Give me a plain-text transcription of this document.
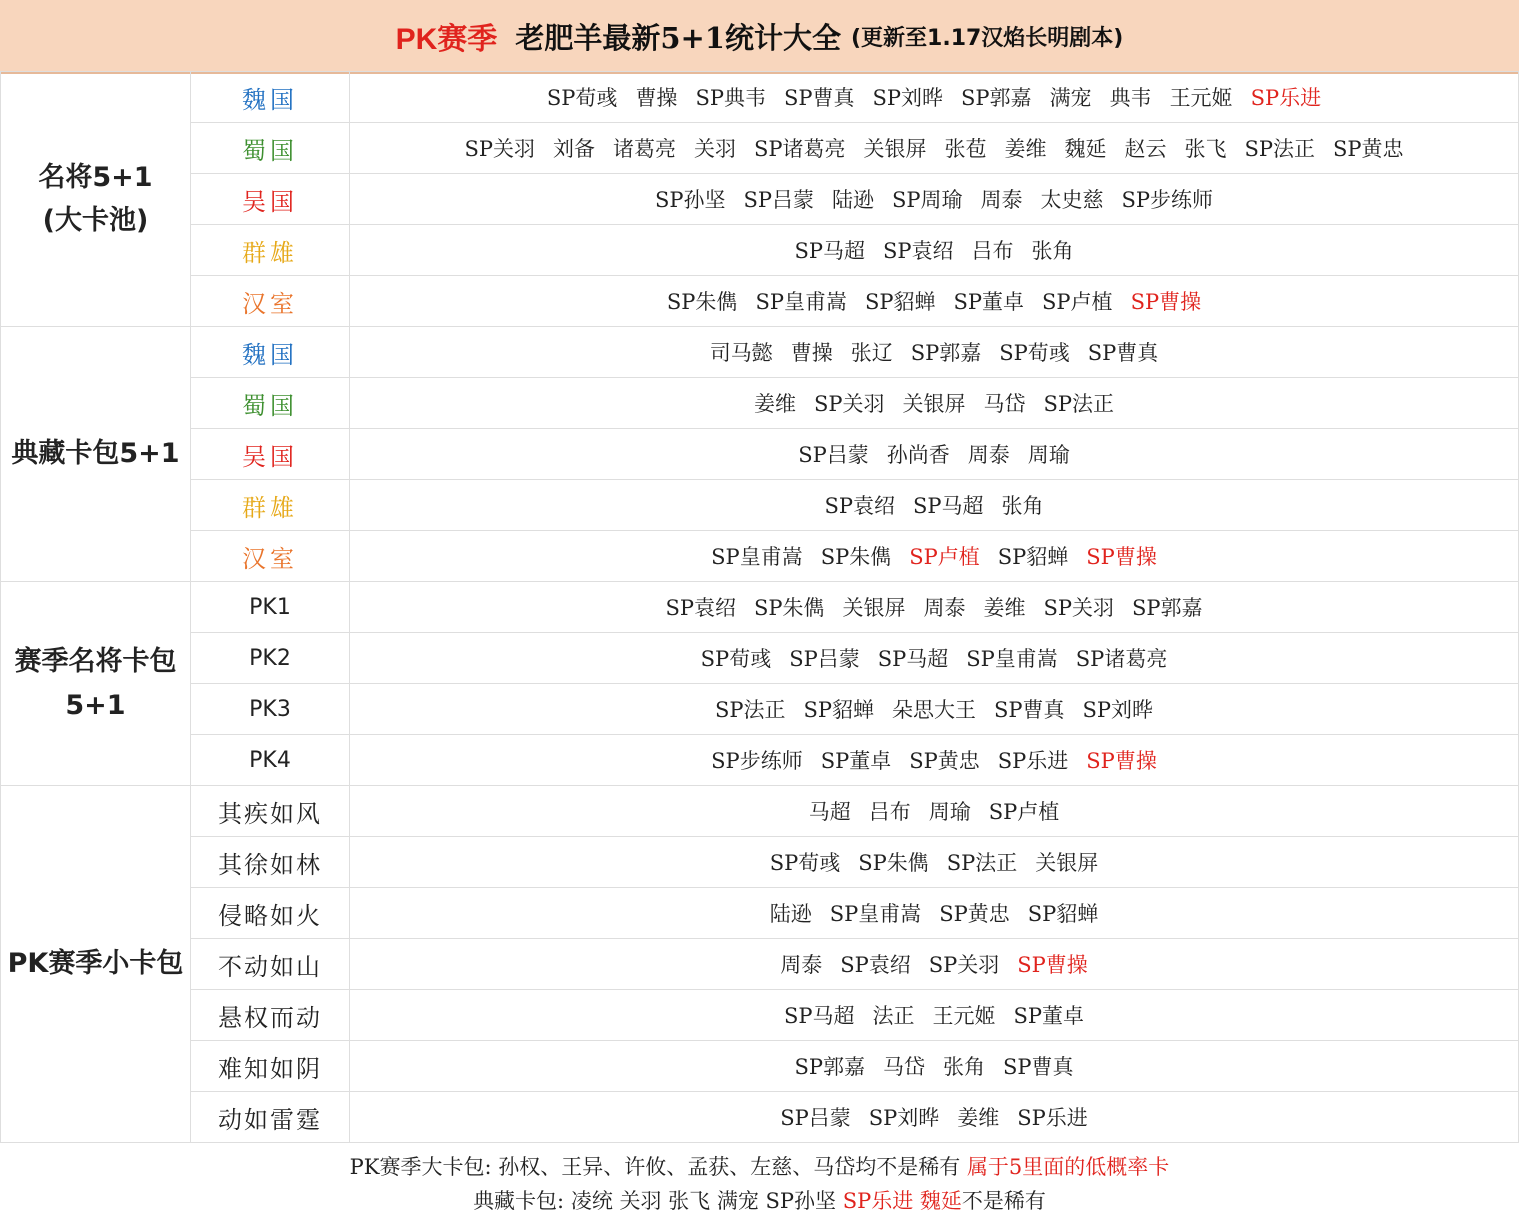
PK赛季 老肥羊最新5+1统计大全 (更新至1.17汉焰长明剧本)
名将5+1
(大卡池)	魏国	SP荀彧 曹操 SP典韦 SP曹真 SP刘晔 SP郭嘉 满宠 典韦 王元姬 SP乐进
	蜀国	SP关羽 刘备 诸葛亮 关羽 SP诸葛亮 关银屏 张苞 姜维 魏延 赵云 张飞 SP法正 SP黄忠
	吴国	SP孙坚 SP吕蒙 陆逊 SP周瑜 周泰 太史慈 SP步练师
	群雄	SP马超 SP袁绍 吕布 张角
	汉室	SP朱儁 SP皇甫嵩 SP貂蝉 SP董卓 SP卢植 SP曹操

典藏卡包5+1	魏国	司马懿 曹操 张辽 SP郭嘉 SP荀彧 SP曹真
	蜀国	姜维 SP关羽 关银屏 马岱 SP法正
	吴国	SP吕蒙 孙尚香 周泰 周瑜
	群雄	SP袁绍 SP马超 张角
	汉室	SP皇甫嵩 SP朱儁 SP卢植 SP貂蝉 SP曹操

赛季名将卡包
5+1	PK1	SP袁绍 SP朱儁 关银屏 周泰 姜维 SP关羽 SP郭嘉
	PK2	SP荀彧 SP吕蒙 SP马超 SP皇甫嵩 SP诸葛亮
	PK3	SP法正 SP貂蝉 朵思大王 SP曹真 SP刘晔
	PK4	SP步练师 SP董卓 SP黄忠 SP乐进 SP曹操

PK赛季小卡包	其疾如风	马超 吕布 周瑜 SP卢植
	其徐如林	SP荀彧 SP朱儁 SP法正 关银屏
	侵略如火	陆逊 SP皇甫嵩 SP黄忠 SP貂蝉
	不动如山	周泰 SP袁绍 SP关羽 SP曹操
	悬权而动	SP马超 法正 王元姬 SP董卓
	难知如阴	SP郭嘉 马岱 张角 SP曹真
	动如雷霆	SP吕蒙 SP刘晔 姜维 SP乐进
PK赛季大卡包: 孙权、王异、许攸、孟获、左慈、马岱均不是稀有 属于5里面的低概率卡
典藏卡包: 凌统 关羽 张飞 满宠 SP孙坚 SP乐进 魏延不是稀有
